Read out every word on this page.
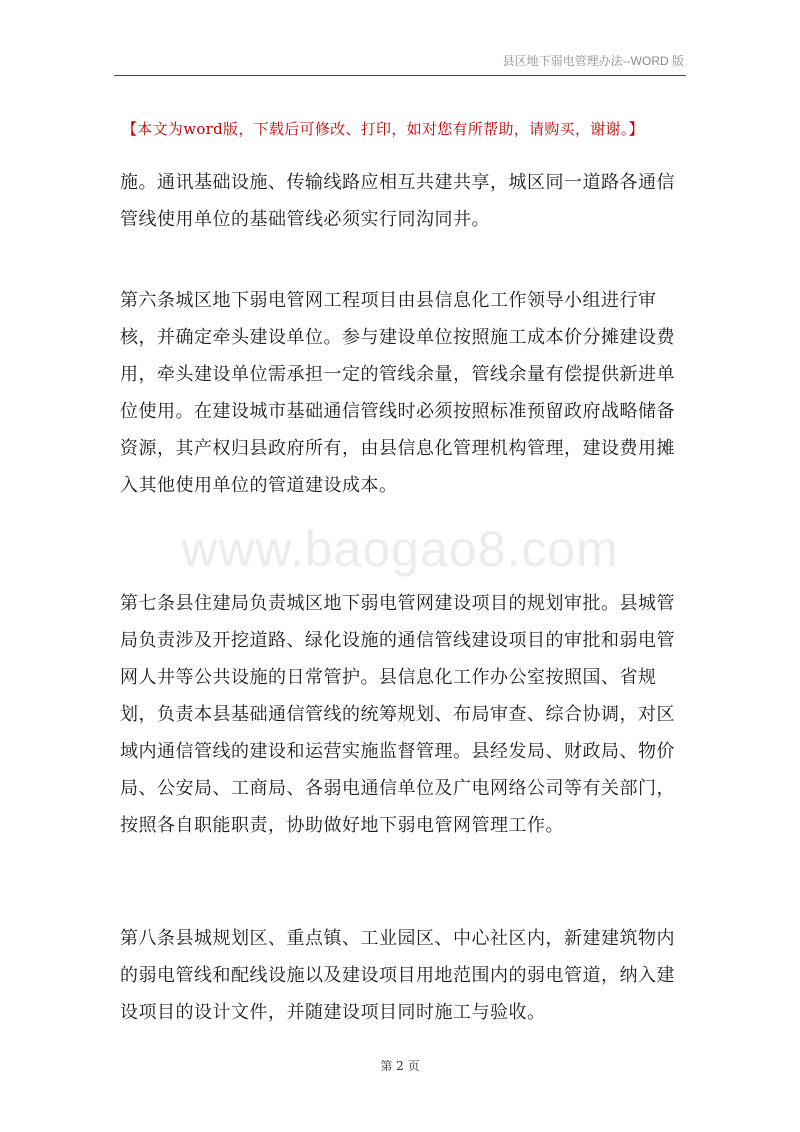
县区地下弱电管理办法--WORD 版
【本文为word版，下载后可修改、打印，如对您有所帮助，请购买，谢谢。】
www.baogao8.com

施。通讯基础设施、传输线路应相互共建共享，城区同一道路各通信管线使用单位的基础管线必须实行同沟同井。

第六条城区地下弱电管网工程项目由县信息化工作领导小组进行审核，并确定牵头建设单位。参与建设单位按照施工成本价分摊建设费用，牵头建设单位需承担一定的管线余量，管线余量有偿提供新进单位使用。在建设城市基础通信管线时必须按照标准预留政府战略储备资源，其产权归县政府所有，由县信息化管理机构管理，建设费用摊入其他使用单位的管道建设成本。

第七条县住建局负责城区地下弱电管网建设项目的规划审批。县城管局负责涉及开挖道路、绿化设施的通信管线建设项目的审批和弱电管网人井等公共设施的日常管护。县信息化工作办公室按照国、省规划，负责本县基础通信管线的统筹规划、布局审查、综合协调，对区域内通信管线的建设和运营实施监督管理。县经发局、财政局、物价局、公安局、工商局、各弱电通信单位及广电网络公司等有关部门，按照各自职能职责，协助做好地下弱电管网管理工作。

第八条县城规划区、重点镇、工业园区、中心社区内，新建建筑物内的弱电管线和配线设施以及建设项目用地范围内的弱电管道，纳入建设项目的设计文件，并随建设项目同时施工与验收。

第 2 页
